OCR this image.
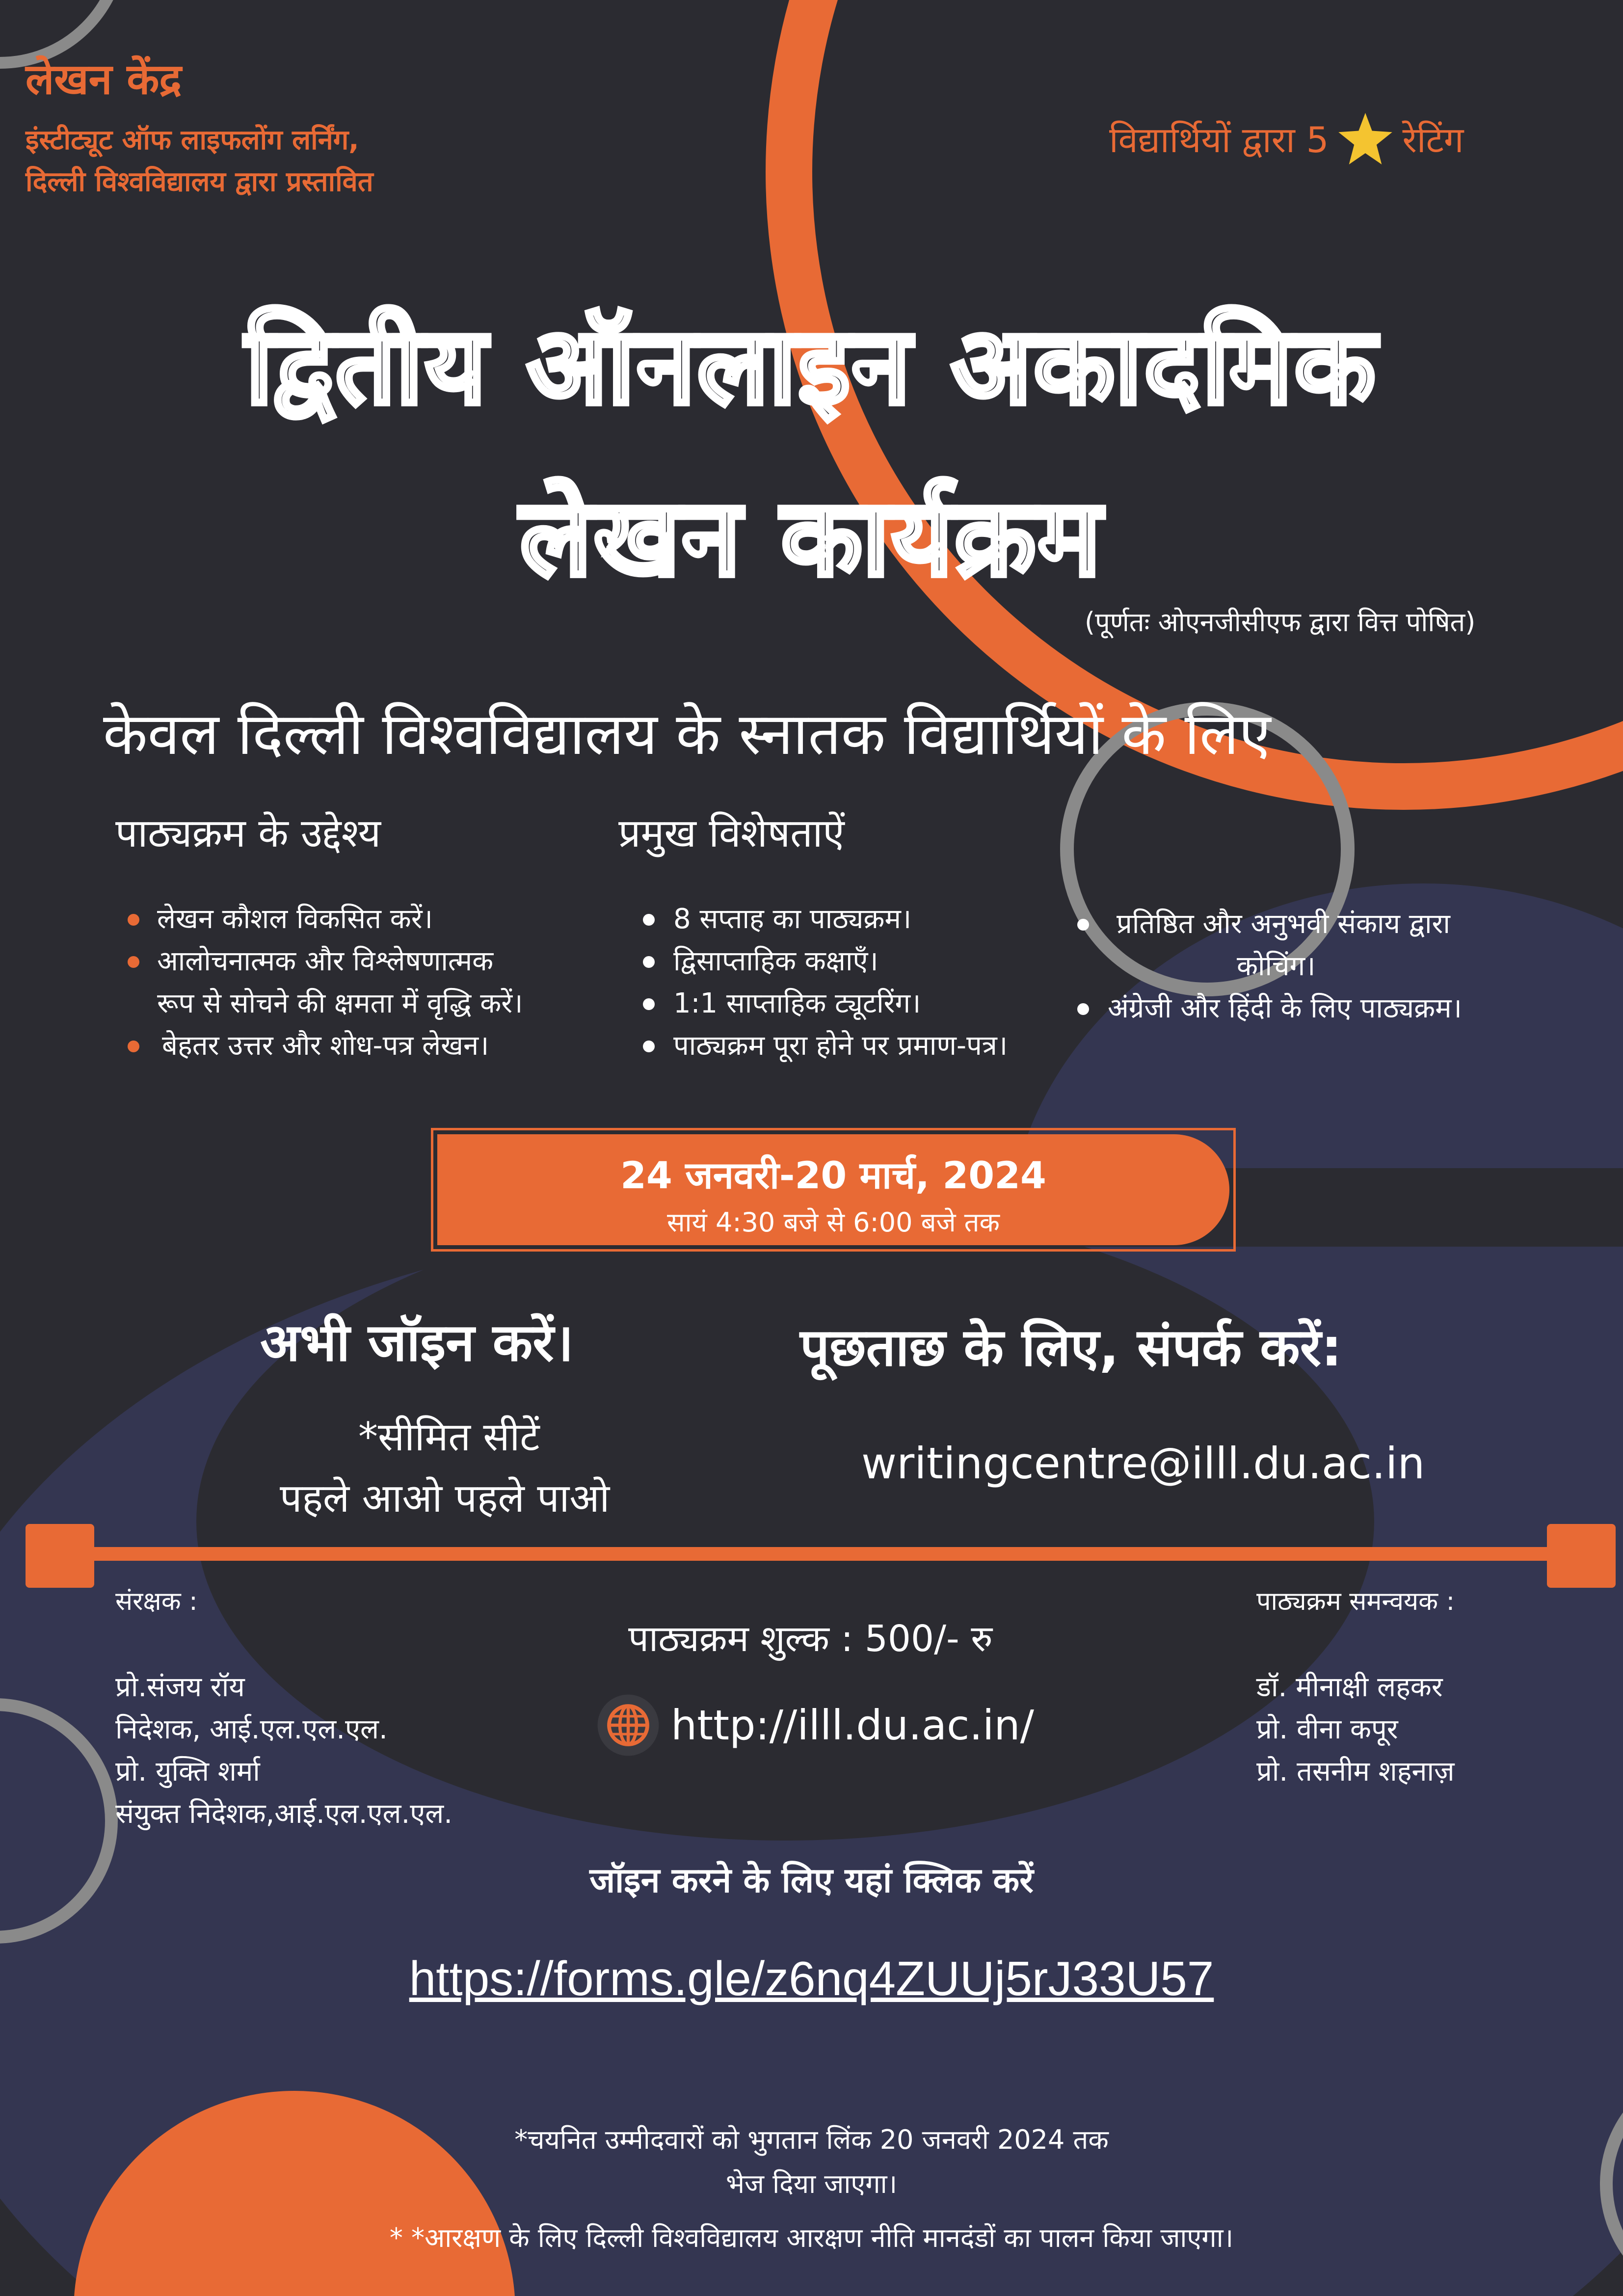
लेखन केंद्र
इंस्टीट्यूट ऑफ लाइफलोंग लर्निंग,
दिल्ली विश्वविद्यालय द्वारा प्रस्तावित
विद्यार्थियों द्वारा 5 रेटिंग
द्वितीय ऑनलाइन अकादमिक
लेखन कार्यक्रम
(पूर्णतः ओएनजीसीएफ द्वारा वित्त पोषित)
केवल दिल्ली विश्वविद्यालय के स्नातक विद्यार्थियों के लिए
पाठ्यक्रम के उद्देश्य
लेखन कौशल विकसित करें।
आलोचनात्मक और विश्लेषणात्मक
रूप से सोचने की क्षमता में वृद्धि करें।
बेहतर उत्तर और शोध-पत्र लेखन।
प्रमुख विशेषताऐं
8 सप्ताह का पाठ्यक्रम।
द्विसाप्ताहिक कक्षाएँ।
1:1 साप्ताहिक ट्यूटरिंग।
पाठ्यक्रम पूरा होने पर प्रमाण-पत्र।
प्रतिष्ठित और अनुभवी संकाय द्वारा
कोचिंग।
अंग्रेजी और हिंदी के लिए पाठ्यक्रम।
24 जनवरी-20 मार्च, 2024
सायं 4:30 बजे से 6:00 बजे तक
अभी जॉइन करें।
*सीमित सीटें
पहले आओ पहले पाओ
पूछताछ के लिए, संपर्क करें:
writingcentre@illl.du.ac.in
संरक्षक :
प्रो.संजय रॉय
निदेशक, आई.एल.एल.एल.
प्रो. युक्ति शर्मा
संयुक्त निदेशक,आई.एल.एल.एल.
पाठ्यक्रम शुल्क : 500/- रु
http://illl.du.ac.in/
पाठ्यक्रम समन्वयक :
डॉ. मीनाक्षी लहकर
प्रो. वीना कपूर
प्रो. तसनीम शहनाज़
जॉइन करने के लिए यहां क्लिक करें
https://forms.gle/z6nq4ZUUj5rJ33U57
*चयनित उम्मीदवारों को भुगतान लिंक 20 जनवरी 2024 तक
भेज दिया जाएगा।
* *आरक्षण के लिए दिल्ली विश्वविद्यालय आरक्षण नीति मानदंडों का पालन किया जाएगा।
